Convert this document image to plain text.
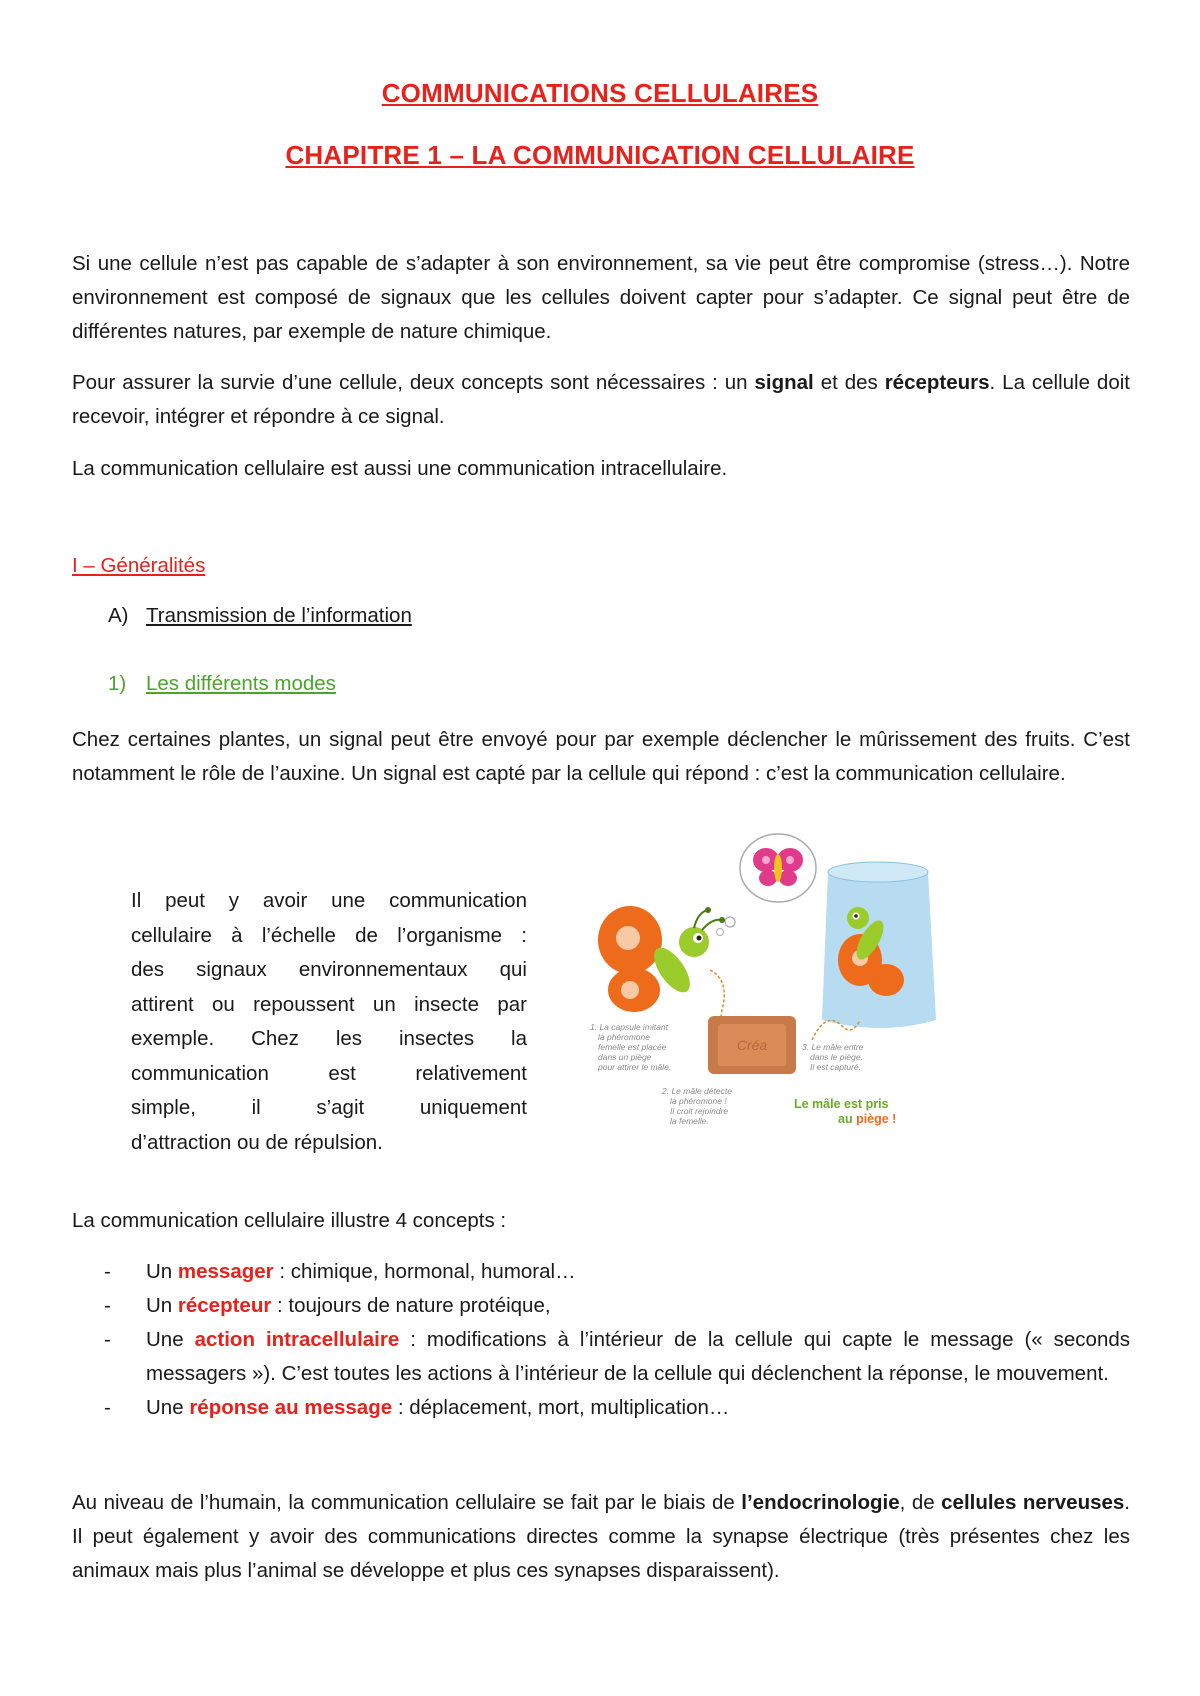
COMMUNICATIONS CELLULAIRES
CHAPITRE 1 – LA COMMUNICATION CELLULAIRE

Si une cellule n’est pas capable de s’adapter à son environnement, sa vie peut être compromise (stress…). Notre environnement est composé de signaux que les cellules doivent capter pour s’adapter. Ce signal peut être de différentes natures, par exemple de nature chimique.

Pour assurer la survie d’une cellule, deux concepts sont nécessaires : un signal et des récepteurs. La cellule doit recevoir, intégrer et répondre à ce signal.

La communication cellulaire est aussi une communication intracellulaire.

I – Généralités
A) Transmission de l’information
1) Les différents modes

Chez certaines plantes, un signal peut être envoyé pour par exemple déclencher le mûrissement des fruits. C’est notamment le rôle de l’auxine. Un signal est capté par la cellule qui répond : c’est la communication cellulaire.

Il peut y avoir une communication
cellulaire à l’échelle de l’organisme :
des signaux environnementaux qui
attirent ou repoussent un insecte par
exemple. Chez les insectes la
communication est relativement
simple, il s’agit uniquement
d’attraction ou de répulsion.
Créa
1. La capsule imitant
la phéromone
femelle est placée
dans un piège
pour attirer le mâle.
2. Le mâle détecte
la phéromone !
Il croit rejoindre
la femelle.
3. Le mâle entre
dans le piège.
Il est capturé.
Le mâle est pris
au piège !

La communication cellulaire illustre 4 concepts :

- Un messager : chimique, hormonal, humoral…
- Un récepteur : toujours de nature protéique,
- Une action intracellulaire : modifications à l’intérieur de la cellule qui capte le message (« seconds messagers »). C’est toutes les actions à l’intérieur de la cellule qui déclenchent la réponse, le mouvement.
- Une réponse au message : déplacement, mort, multiplication…

Au niveau de l’humain, la communication cellulaire se fait par le biais de l’endocrinologie, de cellules nerveuses. Il peut également y avoir des communications directes comme la synapse électrique (très présentes chez les animaux mais plus l’animal se développe et plus ces synapses disparaissent).
